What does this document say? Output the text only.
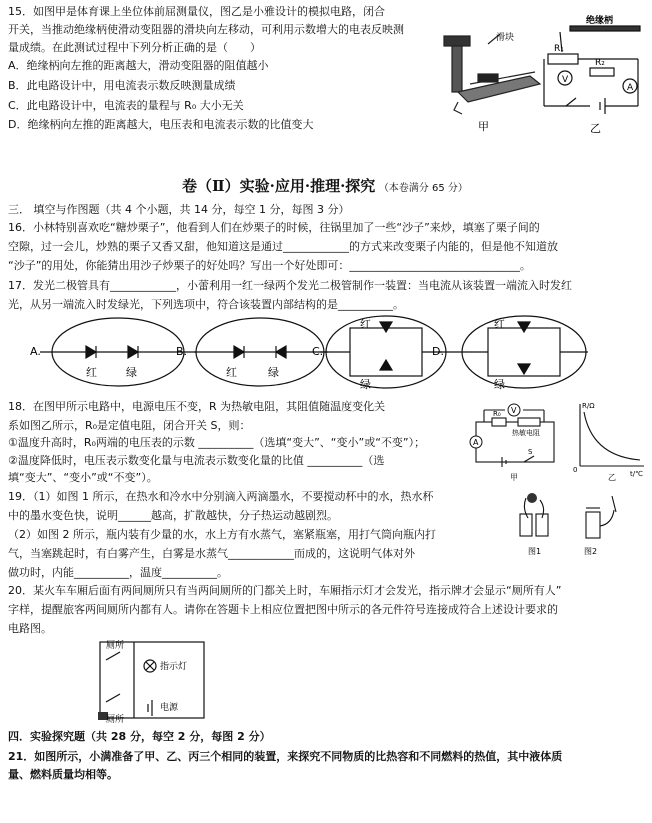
15．如图甲是体育课上坐位体前屈测量仪，图乙是小雅设计的模拟电路，闭合
开关，当推动绝缘柄使滑动变阻器的滑块向左移动，可利用示数增大的电表反映测
量成绩。在此测试过程中下列分析正确的是（　　）
A．绝缘柄向左推的距离越大，滑动变阻器的阻值越小
B．此电路设计中，用电流表示数反映测量成绩
C．此电路设计中，电流表的量程与 R₀ 大小无关
D．绝缘柄向左推的距离越大，电压表和电流表示数的比值变大
滑块
甲
V
A
绝缘柄
R₁
R₂
乙
卷（Ⅱ）实验·应用·推理·探究 （本卷满分 65 分）
三． 填空与作图题（共 4 个小题，共 14 分，每空 1 分，每图 3 分）
16．小林特别喜欢吃“糖炒栗子”，他看到人们在炒栗子的时候，往锅里加了一些“沙子”来炒，填塞了栗子间的
空隙，过一会儿，炒熟的栗子又香又甜，他知道这是通过____________的方式来改变栗子内能的，但是他不知道放
“沙子”的用处，你能猜出用沙子炒栗子的好处吗？写出一个好处即可：_______________________________。
17．发光二极管具有____________，小蕾利用一红一绿两个发光二极管制作一装置：当电流从该装置一端流入时发红
光，从另一端流入时发绿光，下列选项中，符合该装置内部结构的是__________。
A.	B.	C.	D.
红	绿	红	绿
红
绿
红
绿
18．在图甲所示电路中，电源电压不变，R 为热敏电阻，其阻值随温度变化关
系如图乙所示，R₀是定值电阻，闭合开关 S，则：
①温度升高时，R₀两端的电压表的示数 __________（选填“变大”、“变小”或“不变”）；
②温度降低时，电压表示数变化量与电流表示数变化量的比值 __________（选
填“变大”、“变小”或“不变”）。
V
A
R₀
热敏电阻
S
甲
R/Ω
t/℃
0
乙
19．（1）如图 1 所示，在热水和冷水中分别滴入两滴墨水，不要搅动杯中的水，热水杯
中的墨水变色快，说明______越高，扩散越快，分子热运动越剧烈。
（2）如图 2 所示，瓶内装有少量的水，水上方有水蒸气，塞紧瓶塞，用打气筒向瓶内打
气，当塞跳起时，有白雾产生，白雾是水蒸气____________而成的，这说明气体对外
做功时，内能__________，温度__________。
图1	图2
20．某火车车厢后面有两间厕所只有当两间厕所的门都关上时，车厢指示灯才会发光，指示牌才会显示“厕所有人”
字样，提醒旅客两间厕所内都有人。请你在答题卡上相应位置把图中所示的各元件符号连接成符合上述设计要求的
电路图。
厕所
厕所
指示灯
电源
四．实验探究题（共 28 分，每空 2 分，每图 2 分）
21．如图所示，小满准备了甲、乙、丙三个相同的装置，来探究不同物质的比热容和不同燃料的热值，其中液体质
量、燃料质量均相等。
